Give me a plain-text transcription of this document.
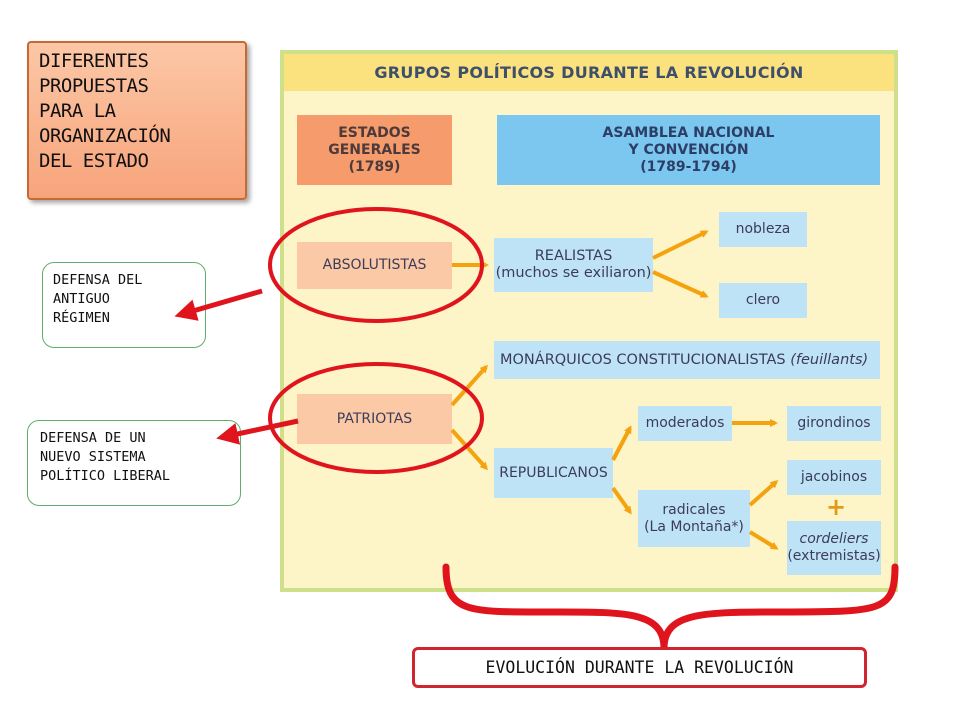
DIFERENTES
PROPUESTAS
PARA LA
ORGANIZACIÓN
DEL ESTADO
DEFENSA DEL
ANTIGUO
RÉGIMEN
DEFENSA DE UN
NUEVO SISTEMA
POLÍTICO LIBERAL
GRUPOS POLÍTICOS DURANTE LA REVOLUCIÓN
ESTADOS
GENERALES
(1789)
ASAMBLEA NACIONAL
Y CONVENCIÓN
(1789-1794)
ABSOLUTISTAS
REALISTAS
(muchos se exiliaron)
nobleza
clero
PATRIOTAS
MONÁRQUICOS CONSTITUCIONALISTAS
(feuillants)
REPUBLICANOS
moderados	girondinos
radicales
(La Montaña*)
jacobinos
+
cordeliers
(extremistas)
EVOLUCIÓN DURANTE LA REVOLUCIÓN
